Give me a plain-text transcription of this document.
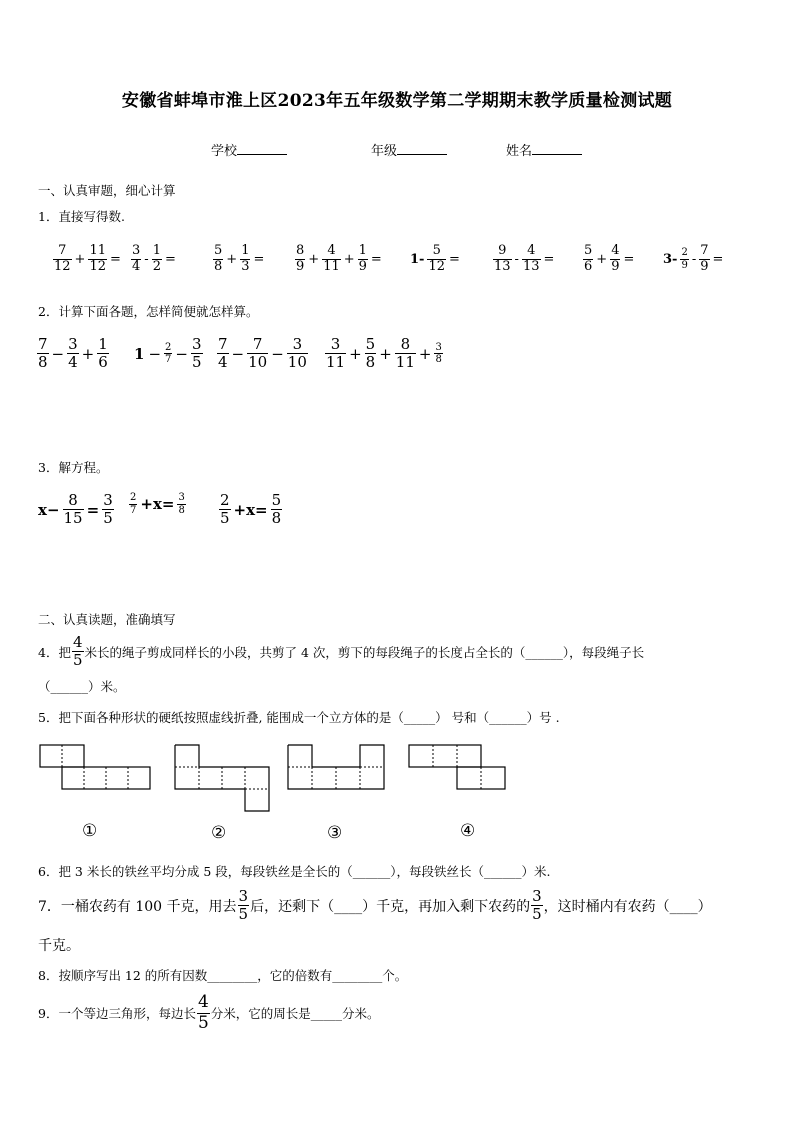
安徽省蚌埠市淮上区2023年五年级数学第二学期期末教学质量检测试题
学校	年级	姓名
一、认真审题，细心计算
1．直接写得数.
$\frac{7}{12} + \frac{11}{12} = \frac{3}{4} - \frac{1}{2}$ =	$\frac{5}{8} + \frac{1}{3} = \frac{8}{9} + \frac{4}{11} + \frac{1}{9} = 1- \frac{5}{12}$ =	$\frac{9}{13} - \frac{4}{13} = \frac{5}{6} + \frac{4}{9} = 3- \frac{2}{9} - \frac{7}{9}$ =
2．计算下面各题，怎样简便就怎样算。
$\frac{7}{8} - \frac{3}{4} + \frac{1}{6} 1 - \frac{2}{7} - \frac{3}{5} \frac{7}{4} - \frac{7}{10} - \frac{3}{10} \frac{3}{11} + \frac{5}{8} + \frac{8}{11} + \frac{3}{8}$
3．解方程。
$x- \frac{8}{15} = \frac{3}{5} \frac{2}{7} +x= \frac{3}{8} \frac{2}{5} +x= \frac{5}{8}$
二、认真读题，准确填写
4．把 $\frac{4}{5}$ 米长的绳子剪成同样长的小段，共剪了 4 次，剪下的每段绳子的长度占全长的（______），每段绳子长
（______）米。
5．把下面各种形状的硬纸按照虚线折叠, 能围成一个立方体的是（_____） 号和（______）号 .
①	②	③	④
6．把 3 米长的铁丝平均分成 5 段，每段铁丝是全长的（______），每段铁丝长（______）米.
7．一桶农药有 100 千克，用去 $\frac{3}{5}$ 后，还剩下（____）千克，再加入剩下农药的 $\frac{3}{5}$ ，这时桶内有农药（____）
千克。
8．按顺序写出 12 的所有因数________，它的倍数有________个。
9．一个等边三角形，每边长 $\frac{4}{5}$ 分米，它的周长是_____分米。
